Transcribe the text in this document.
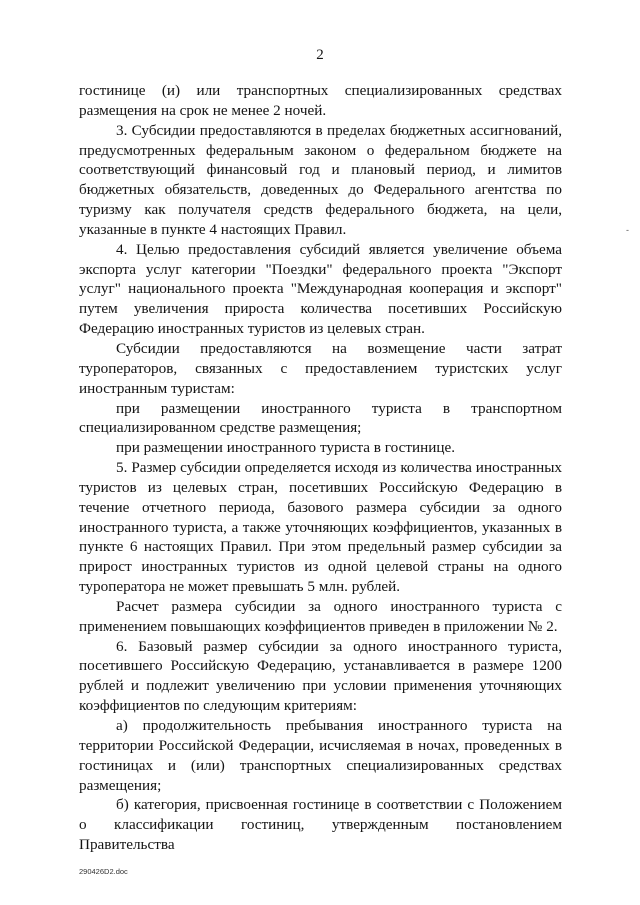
2
-

гостинице (и) или транспортных специализированных средствах размещения на срок не менее 2 ночей.

3. Субсидии предоставляются в пределах бюджетных ассигнований, предусмотренных федеральным законом о федеральном бюджете на соответствующий финансовый год и плановый период, и лимитов бюджетных обязательств, доведенных до Федерального агентства по туризму как получателя средств федерального бюджета, на цели, указанные в пункте 4 настоящих Правил.

4. Целью предоставления субсидий является увеличение объема экспорта услуг категории "Поездки" федерального проекта "Экспорт услуг" национального проекта "Международная кооперация и экспорт" путем увеличения прироста количества посетивших Российскую Федерацию иностранных туристов из целевых стран.

Субсидии предоставляются на возмещение части затрат туроператоров, связанных с предоставлением туристских услуг иностранным туристам:

при размещении иностранного туриста в транспортном специализированном средстве размещения;

при размещении иностранного туриста в гостинице.

5. Размер субсидии определяется исходя из количества иностранных туристов из целевых стран, посетивших Российскую Федерацию в течение отчетного периода, базового размера субсидии за одного иностранного туриста, а также уточняющих коэффициентов, указанных в пункте 6 настоящих Правил. При этом предельный размер субсидии за прирост иностранных туристов из одной целевой страны на одного туроператора не может превышать 5 млн. рублей.

Расчет размера субсидии за одного иностранного туриста с применением повышающих коэффициентов приведен в приложении № 2.

6. Базовый размер субсидии за одного иностранного туриста, посетившего Российскую Федерацию, устанавливается в размере 1200 рублей и подлежит увеличению при условии применения уточняющих коэффициентов по следующим критериям:

а) продолжительность пребывания иностранного туриста на территории Российской Федерации, исчисляемая в ночах, проведенных в гостиницах и (или) транспортных специализированных средствах размещения;

б) категория, присвоенная гостинице в соответствии с Положением о классификации гостиниц, утвержденным постановлением Правительства

290426D2.doc
